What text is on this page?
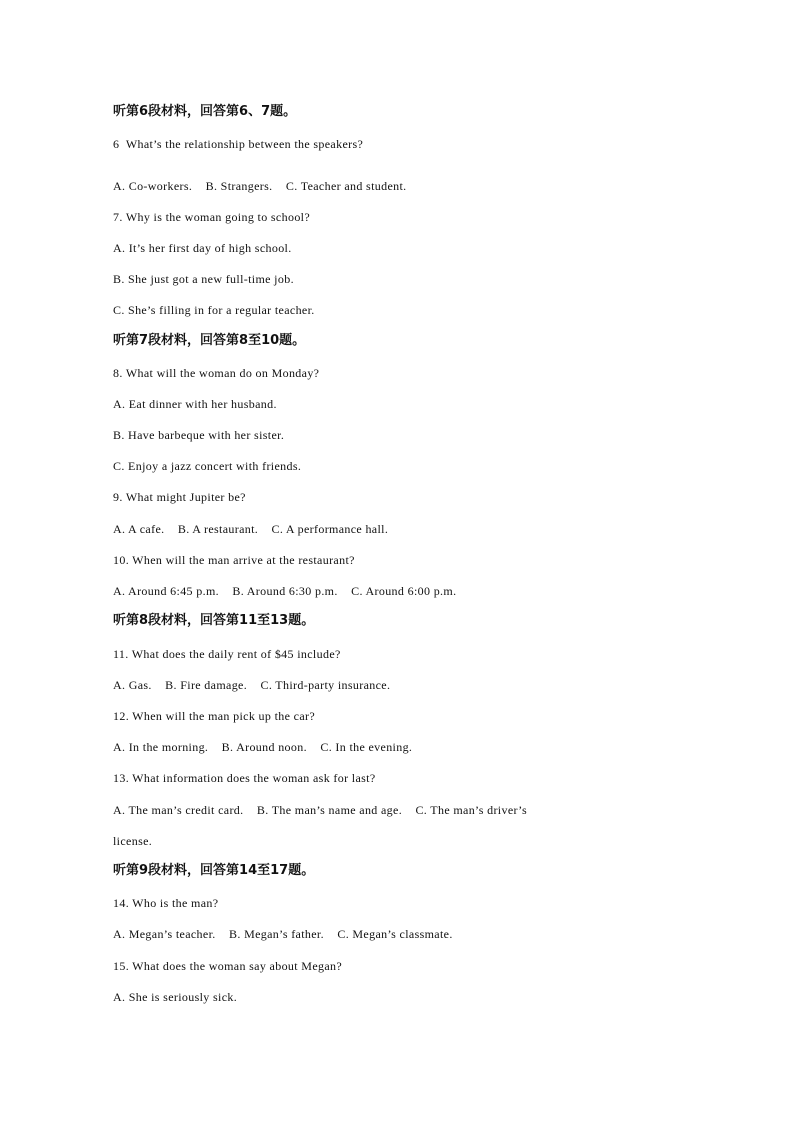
听第6段材料，回答第6、7题。
6  What’s the relationship between the speakers?
A. Co-workers.    B. Strangers.    C. Teacher and student.
7. Why is the woman going to school?
A. It’s her first day of high school.
B. She just got a new full-time job.
C. She’s filling in for a regular teacher.
听第7段材料，回答第8至10题。
8. What will the woman do on Monday?
A. Eat dinner with her husband.
B. Have barbeque with her sister.
C. Enjoy a jazz concert with friends.
9. What might Jupiter be?
A. A cafe.    B. A restaurant.    C. A performance hall.
10. When will the man arrive at the restaurant?
A. Around 6:45 p.m.    B. Around 6:30 p.m.    C. Around 6:00 p.m.
听第8段材料，回答第11至13题。
11. What does the daily rent of $45 include?
A. Gas.    B. Fire damage.    C. Third-party insurance.
12. When will the man pick up the car?
A. In the morning.    B. Around noon.    C. In the evening.
13. What information does the woman ask for last?
A. The man’s credit card.    B. The man’s name and age.    C. The man’s driver’s
license.
听第9段材料，回答第14至17题。
14. Who is the man?
A. Megan’s teacher.    B. Megan’s father.    C. Megan’s classmate.
15. What does the woman say about Megan?
A. She is seriously sick.
